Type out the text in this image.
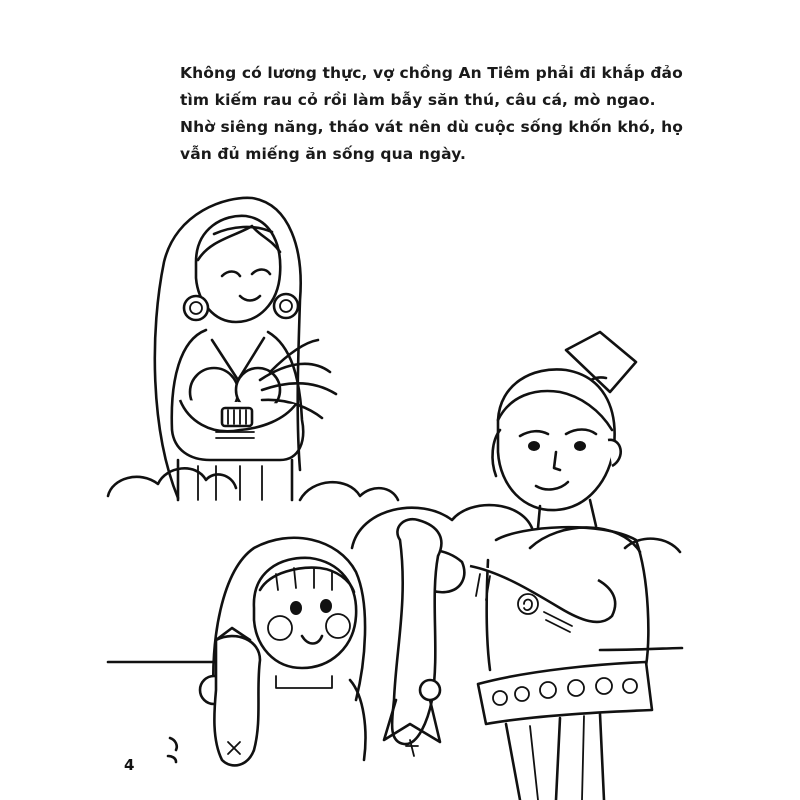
Không có lương thực, vợ chồng An Tiêm phải đi khắp đảo
tìm kiếm rau cỏ rồi làm bẫy săn thú, câu cá, mò ngao.
Nhờ siêng năng, tháo vát nên dù cuộc sống khốn khó, họ
vẫn đủ miếng ăn sống qua ngày.
4
